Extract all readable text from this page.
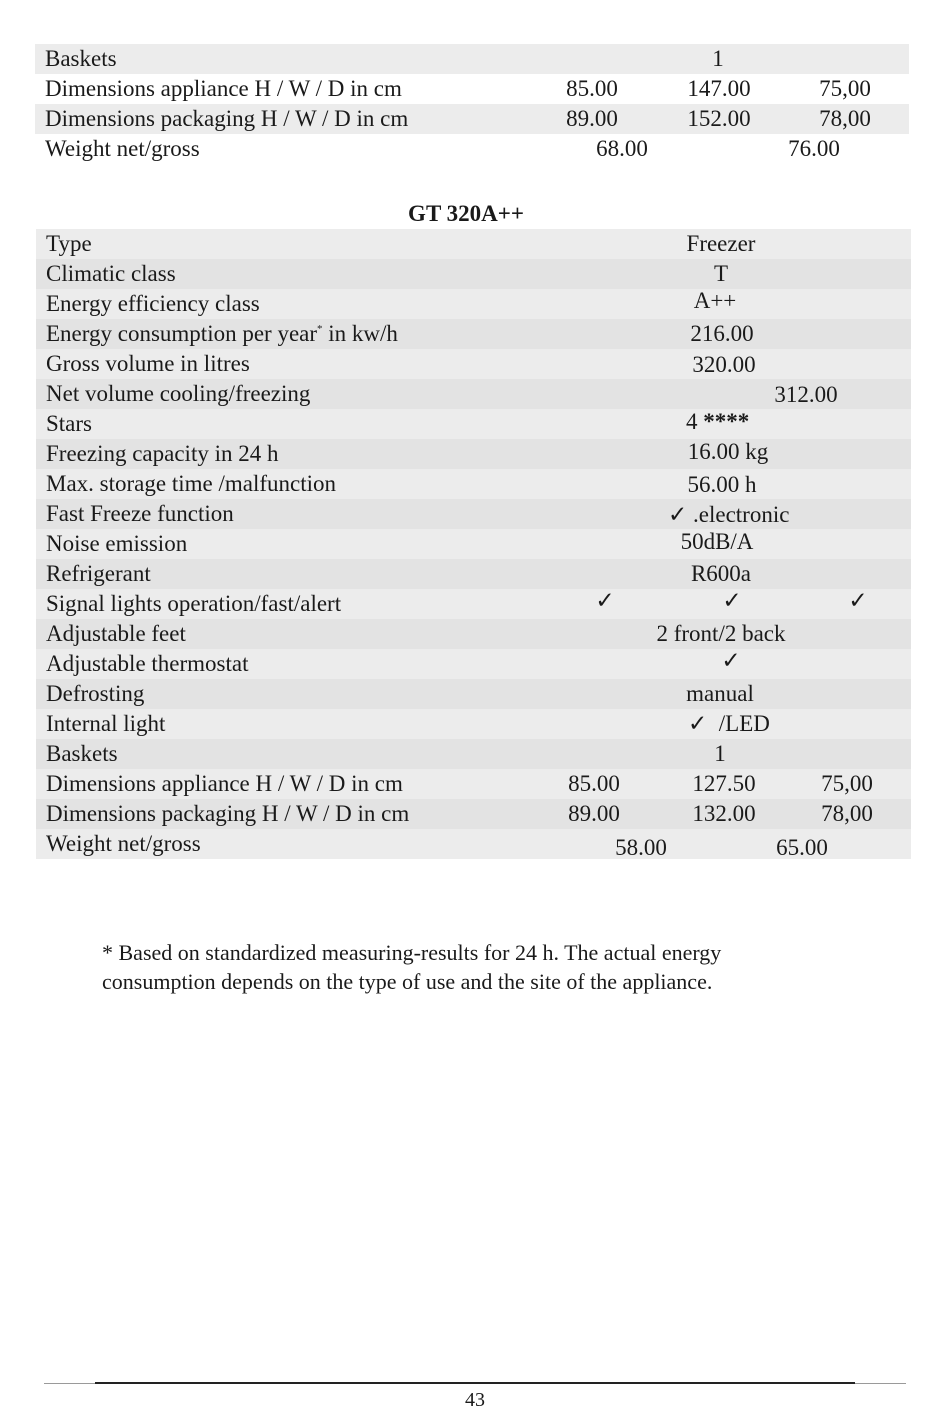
Baskets	1
Dimensions appliance H / W / D in cm	85.00	147.00	75,00
Dimensions packaging H / W / D in cm	89.00	152.00	78,00
Weight net/gross	68.00	76.00
GT 320A++
Type	Freezer
Climatic class	T
Energy efficiency class	A++
Energy consumption per year* in kw/h	216.00
Gross volume in litres	320.00
Net volume cooling/freezing	312.00
Stars	4 ****
Freezing capacity in 24 h	16.00 kg
Max. storage time /malfunction	56.00 h
Fast Freeze function	✓ .electronic
Noise emission	50dB/A
Refrigerant	R600a
Signal lights operation/fast/alert	✓	✓	✓
Adjustable feet	2 front/2 back
Adjustable thermostat	✓
Defrosting	manual
Internal light	✓ /LED
Baskets	1
Dimensions appliance H / W / D in cm	85.00	127.50	75,00
Dimensions packaging H / W / D in cm	89.00	132.00	78,00
Weight net/gross	58.00	65.00
* Based on standardized measuring-results for 24 h. The actual energy
consumption depends on the type of use and the site of the appliance.
43
